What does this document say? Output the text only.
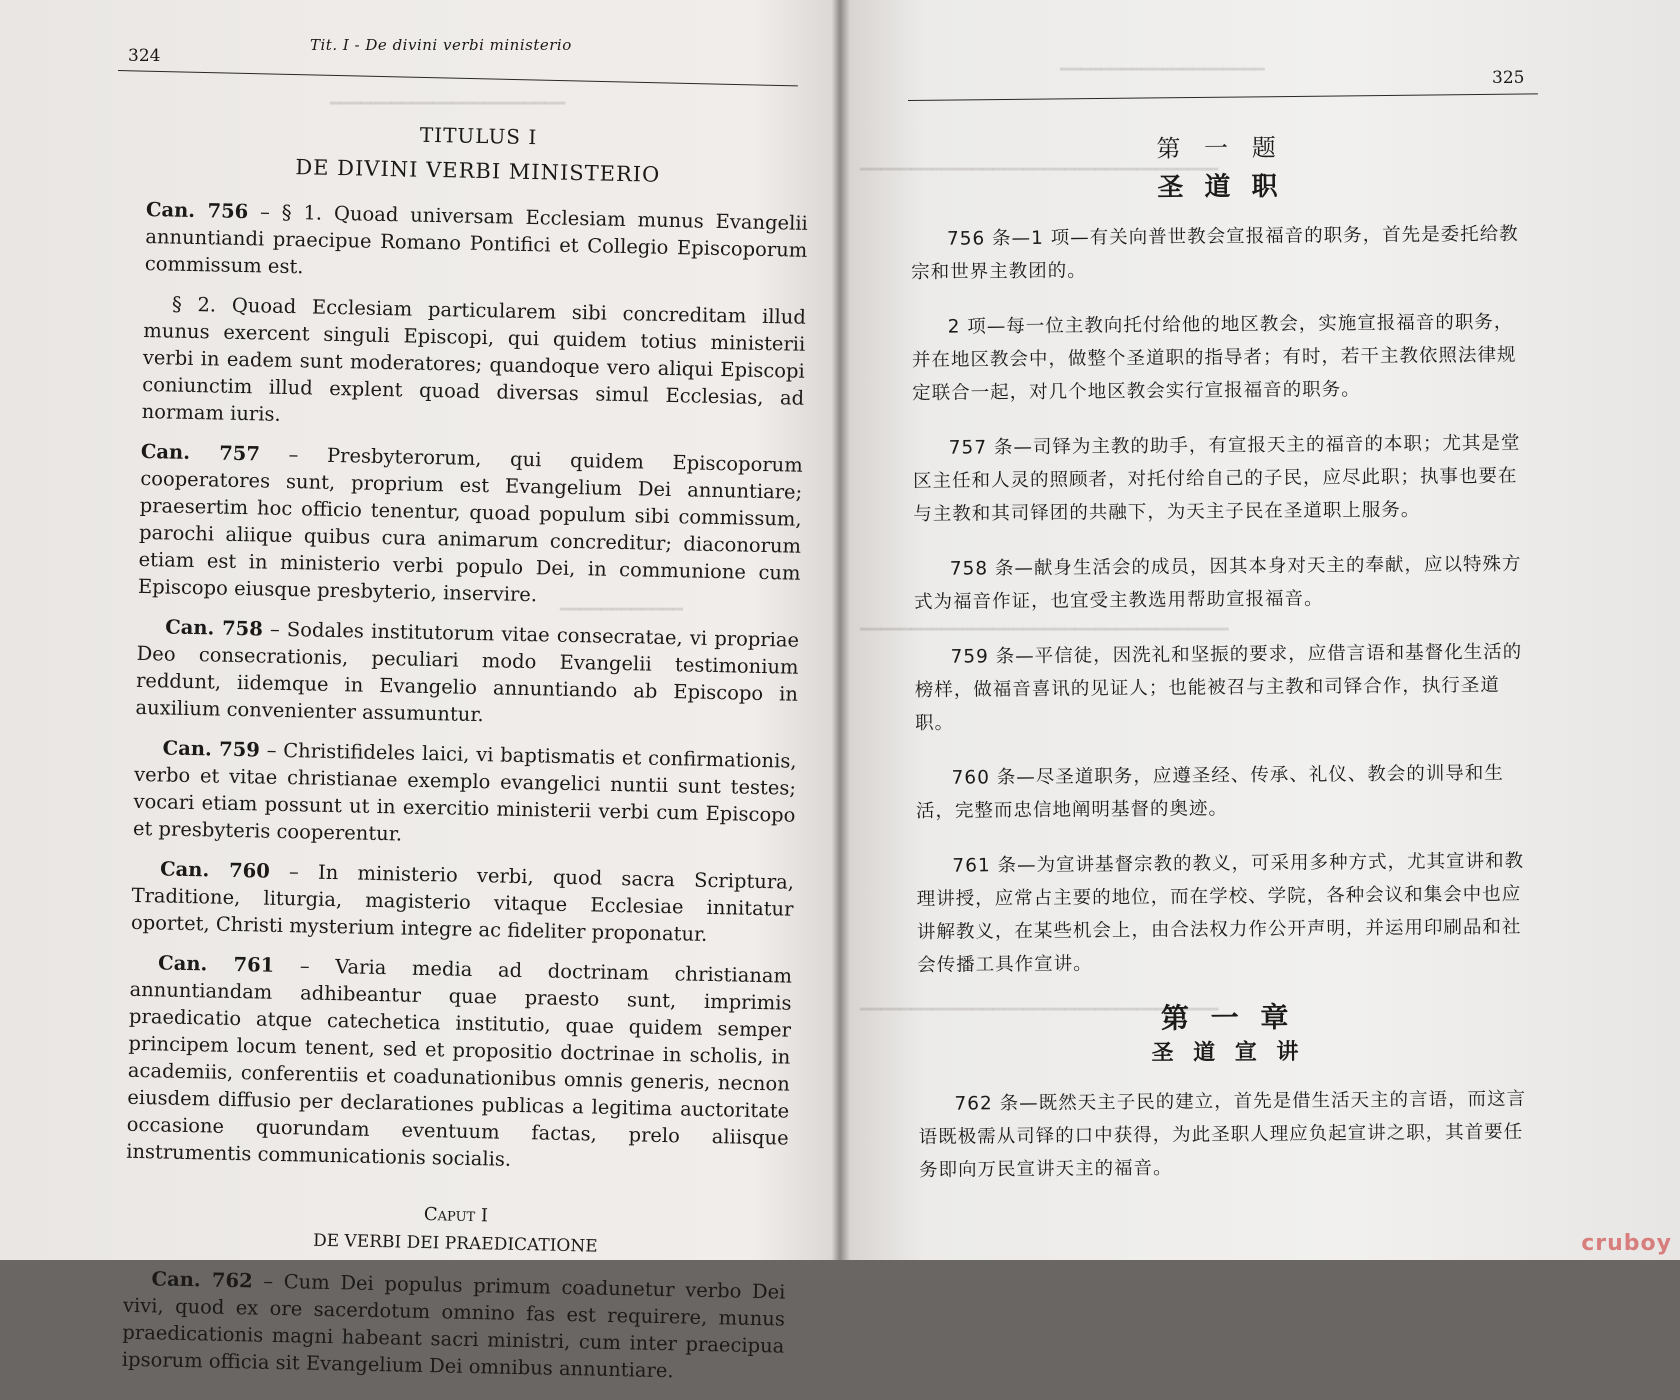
━━━━━━━━━━━━━━━━━━━━━━━
━━━━━━━━━━━━
324
Tit. I - De divini verbi ministerio
TITULUS I
DE DIVINI VERBI MINISTERIO
Can. 756 – § 1. Quoad universam Ecclesiam munus Evangelii annuntiandi praecipue Romano Pontifici et Collegio Episcoporum commissum est.
§ 2. Quoad Ecclesiam particularem sibi concreditam illud munus exercent singuli Episcopi, qui quidem totius ministerii verbi in eadem sunt moderatores; quandoque vero aliqui Episcopi coniunctim illud explent quoad diversas simul Ecclesias, ad normam iuris.
Can. 757 – Presbyterorum, qui quidem Episcoporum cooperatores sunt, proprium est Evangelium Dei annuntiare; praesertim hoc officio tenentur, quoad populum sibi commissum, parochi aliique quibus cura animarum concreditur; diaconorum etiam est in ministerio verbi populo Dei, in communione cum Episcopo eiusque presbyterio, inservire.
Can. 758 – Sodales institutorum vitae consecratae, vi propriae Deo consecrationis, peculiari modo Evangelii testimonium reddunt, iidemque in Evangelio annuntiando ab Episcopo in auxilium convenienter assumuntur.
Can. 759 – Christifideles laici, vi baptismatis et confirmationis, verbo et vitae christianae exemplo evangelici nuntii sunt testes; vocari etiam possunt ut in exercitio ministerii verbi cum Episcopo et presbyteris cooperentur.
Can. 760 – In ministerio verbi, quod sacra Scriptura, Traditione, liturgia, magisterio vitaque Ecclesiae innitatur oportet, Christi mysterium integre ac fideliter proponatur.
Can. 761 – Varia media ad doctrinam christianam annuntiandam adhibeantur quae praesto sunt, imprimis praedicatio atque catechetica institutio, quae quidem semper principem locum tenent, sed et propositio doctrinae in scholis, in academiis, conferentiis et coadunationibus omnis generis, necnon eiusdem diffusio per declarationes publicas a legitima auctoritate occasione quorundam eventuum factas, prelo aliisque instrumentis communicationis socialis.
Caput I
DE VERBI DEI PRAEDICATIONE
Can. 762 – Cum Dei populus primum coadunetur verbo Dei vivi, quod ex ore sacerdotum omnino fas est requirere, munus praedicationis magni habeant sacri ministri, cum inter praecipua ipsorum officia sit Evangelium Dei omnibus annuntiare.
━━━━━━━━━━━━━━━━━━━━
━━━━━━━━━━━━━━━━━━━━━━━━━━━━━━━━━━━
━━━━━━━━━━━━━━━━━━━━━━━━━━━━━━━━━━━━
━━━━━━━━━━━━━━━━━━━━━━━━━━━━━━━━━━━
325
第 一 题
圣 道 职
756 条—1 项—有关向普世教会宣报福音的职务，首先是委托给教宗和世界主教团的。
2 项—每一位主教向托付给他的地区教会，实施宣报福音的职务，并在地区教会中，做整个圣道职的指导者；有时，若干主教依照法律规定联合一起，对几个地区教会实行宣报福音的职务。
757 条—司铎为主教的助手，有宣报天主的福音的本职；尤其是堂区主任和人灵的照顾者，对托付给自己的子民，应尽此职；执事也要在与主教和其司铎团的共融下，为天主子民在圣道职上服务。
758 条—献身生活会的成员，因其本身对天主的奉献，应以特殊方式为福音作证，也宜受主教选用帮助宣报福音。
759 条—平信徒，因洗礼和坚振的要求，应借言语和基督化生活的榜样，做福音喜讯的见证人；也能被召与主教和司铎合作，执行圣道职。
760 条—尽圣道职务，应遵圣经、传承、礼仪、教会的训导和生活，完整而忠信地阐明基督的奥迹。
761 条—为宣讲基督宗教的教义，可采用多种方式，尤其宣讲和教理讲授，应常占主要的地位，而在学校、学院，各种会议和集会中也应讲解教义，在某些机会上，由合法权力作公开声明，并运用印刷品和社会传播工具作宣讲。
第 一 章
圣 道 宣 讲
762 条—既然天主子民的建立，首先是借生活天主的言语，而这言语既极需从司铎的口中获得，为此圣职人理应负起宣讲之职，其首要任务即向万民宣讲天主的福音。
cruboy
